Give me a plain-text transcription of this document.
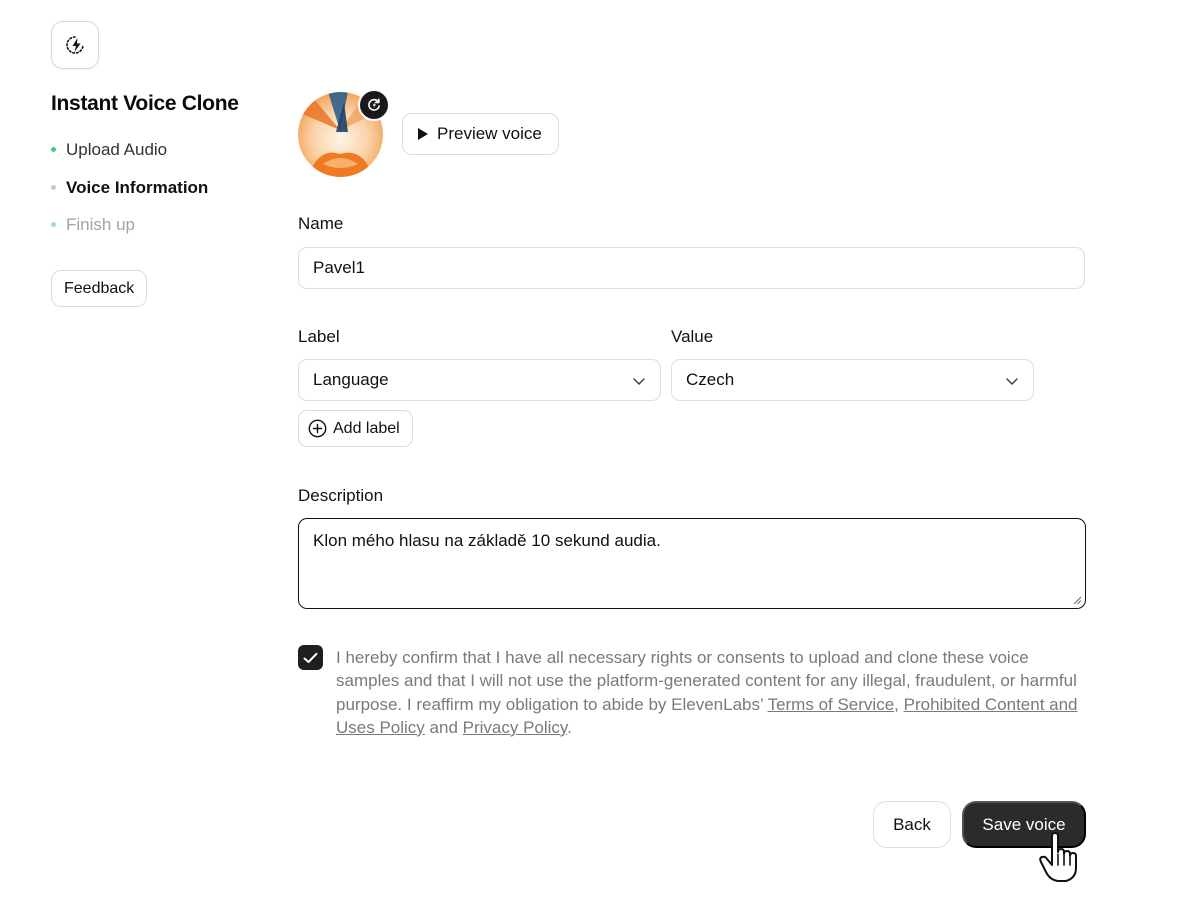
Instant Voice Clone
Upload Audio
Voice Information
Finish up
Feedback
Preview voice
Name
Pavel1
Label	Value
Language	Czech
Add label
Description
Klon mého hlasu na základě 10 sekund audia.
I hereby confirm that I have all necessary rights or consents to upload and clone these voice samples and that I will not use the platform-generated content for any illegal, fraudulent, or harmful purpose. I reaffirm my obligation to abide by ElevenLabs’ Terms of Service, Prohibited Content and Uses Policy and Privacy Policy.
Back	Save voice
